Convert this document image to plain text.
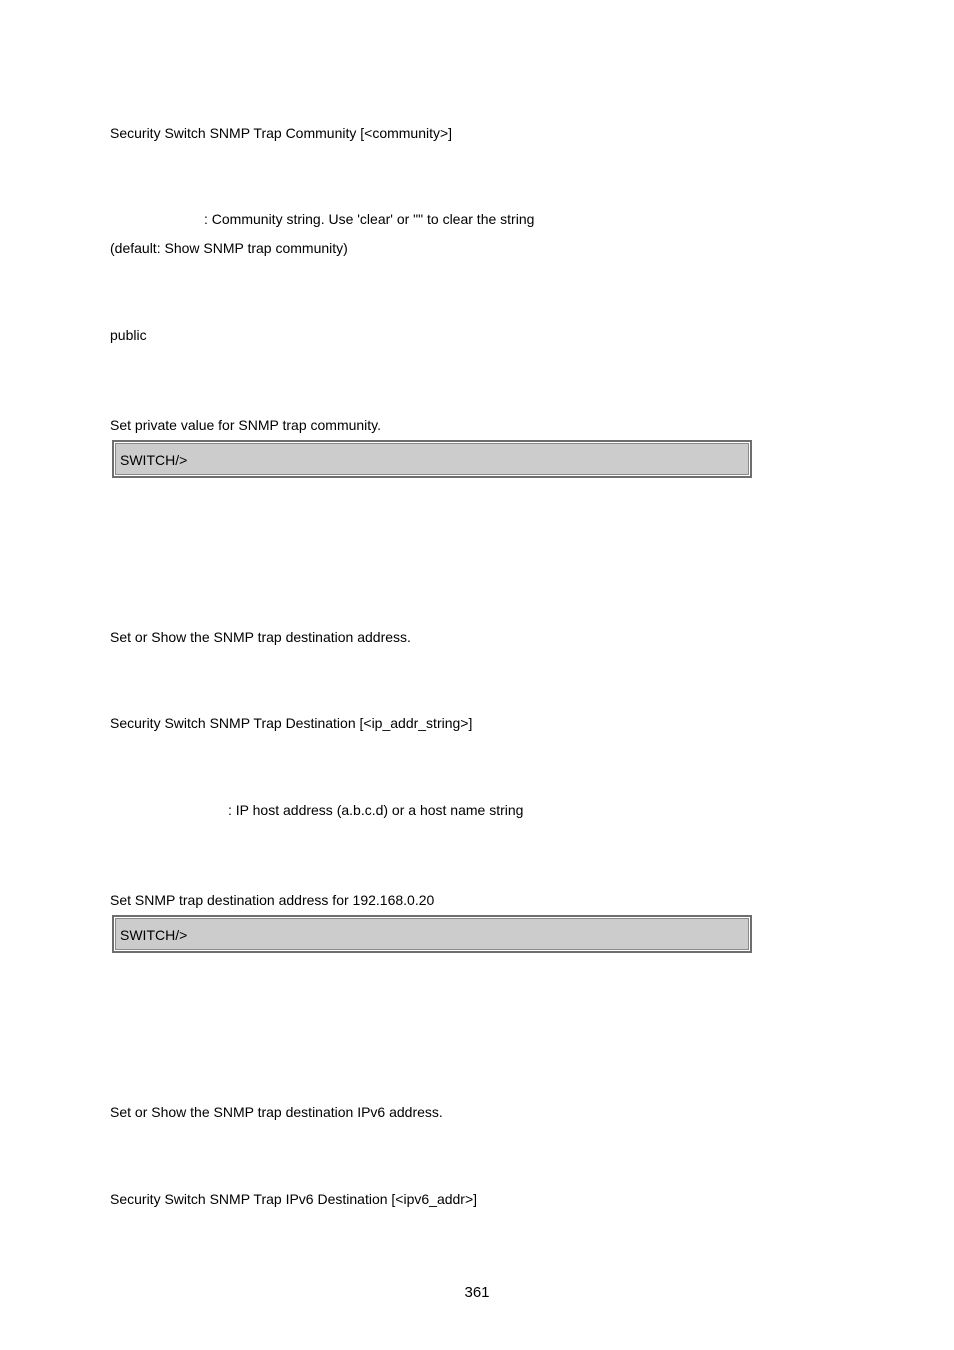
Security Switch SNMP Trap Community [<community>]
: Community string. Use 'clear' or "" to clear the string
(default: Show SNMP trap community)
public
Set private value for SNMP trap community.
SWITCH/>
Set or Show the SNMP trap destination address.
Security Switch SNMP Trap Destination [<ip_addr_string>]
: IP host address (a.b.c.d) or a host name string
Set SNMP trap destination address for 192.168.0.20
SWITCH/>
Set or Show the SNMP trap destination IPv6 address.
Security Switch SNMP Trap IPv6 Destination [<ipv6_addr>]
361
